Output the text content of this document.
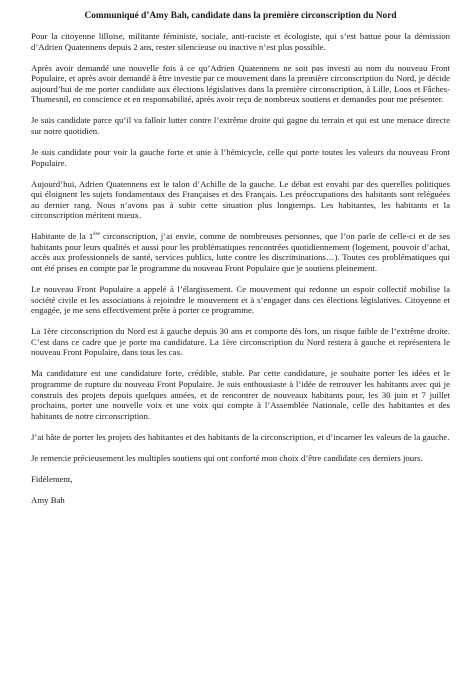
Communiqué d’Amy Bah, candidate dans la première circonscription du Nord

Pour la citoyenne lilloise, militante féministe, sociale, anti-raciste et écologiste, qui s’est battue pour la démission d’Adrien Quatennens depuis 2 ans, rester silencieuse ou inactive n’est plus possible.

Après avoir demandé une nouvelle fois à ce qu’Adrien Quatennens ne soit pas investi au nom du nouveau Front Populaire, et après avoir demandé à être investie par ce mouvement dans la première circonscription du Nord, je décide aujourd’hui de me porter candidate aux élections législatives dans la première circonscription, à Lille, Loos et Fâches-Thumesnil, en conscience et en responsabilité, après avoir reçu de nombreux soutiens et demandes pour me présenter.

Je suis candidate parce qu’il va falloir lutter contre l’extrême droite qui gagne du terrain et qui est une menace directe sur notre quotidien.

Je suis candidate pour voir la gauche forte et unie à l’hémicycle, celle qui porte toutes les valeurs du nouveau Front Populaire.

Aujourd’hui, Adrien Quatennens est le talon d’Achille de la gauche. Le débat est envahi par des querelles politiques qui éloignent les sujets fondamentaux des Françaises et des Français. Les préoccupations des habitants sont reléguées au dernier rang. Nous n’avons pas à subir cette situation plus longtemps. Les habitantes, les habitants et la circonscription méritent mieux.

Habitante de la 1ère circonscription, j’ai envie, comme de nombreuses personnes, que l’on parle de celle-ci et de ses habitants pour leurs qualités et aussi pour les problématiques rencontrées quotidiennement (logement, pouvoir d’achat, accès aux professionnels de santé, services publics, lutte contre les discriminations…). Toutes ces problématiques qui ont été prises en compte par le programme du nouveau Front Populaire que je soutiens pleinement.

Le nouveau Front Populaire a appelé à l’élargissement. Ce mouvement qui redonne un espoir collectif mobilise la société civile et les associations à rejoindre le mouvement et à s’engager dans ces élections législatives. Citoyenne et engagée, je me sens effectivement prête à porter ce programme.

La 1ère circonscription du Nord est à gauche depuis 30 ans et comporte dès lors, un risque faible de l’extrême droite. C’est dans ce cadre que je porte ma candidature. La 1ère circonscription du Nord restera à gauche et représentera le nouveau Front Populaire, dans tous les cas.

Ma candidature est une candidature forte, crédible, stable. Par cette candidature, je souhaite porter les idées et le programme de rupture du nouveau Front Populaire. Je suis enthousiaste à l’idée de retrouver les habitants avec qui je construis des projets depuis quelques années, et de rencontrer de nouveaux habitants pour, les 30 juin et 7 juillet prochains, porter une nouvelle voix et une voix qui compte à l’Assemblée Nationale, celle des habitantes et des habitants de notre circonscription.

J’ai hâte de porter les projets des habitantes et des habitants de la circonscription, et d’incarner les valeurs de la gauche.

Je remercie précieusement les multiples soutiens qui ont conforté mon choix d’être candidate ces derniers jours.

Fidèlement,

Amy Bah
